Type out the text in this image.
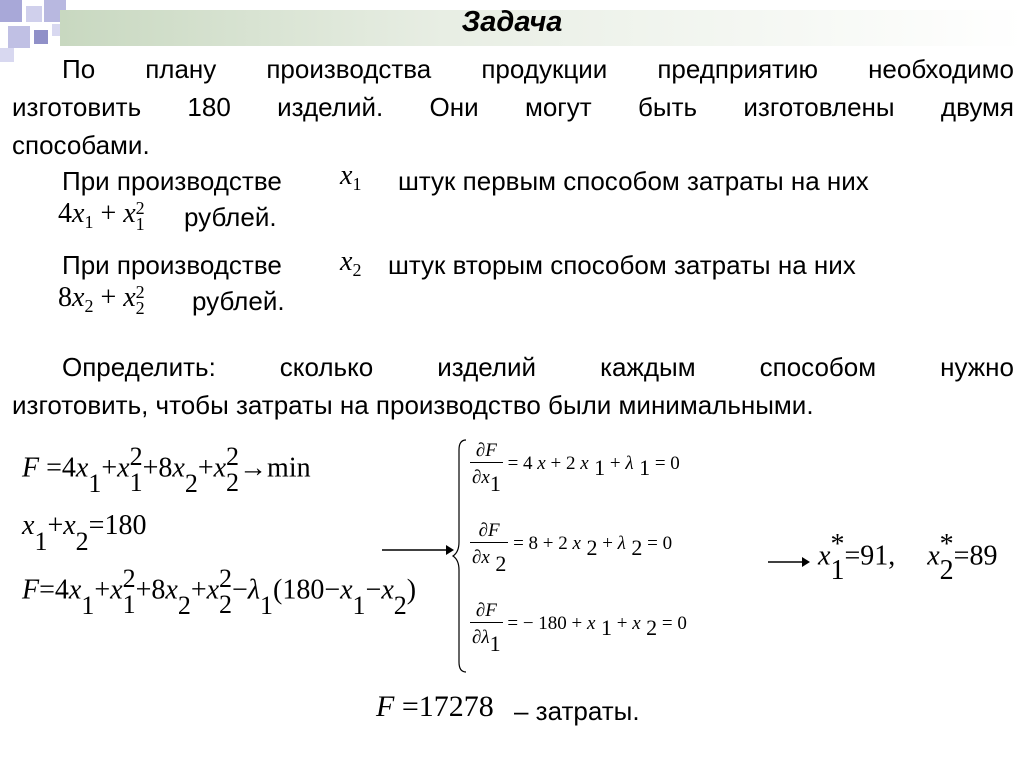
Задача
По плану производства продукции предприятию необходимо
изготовить 180 изделий. Они могут быть изготовлены двумя
способами.
При производстве $x_1$ штук первым способом затраты на них
$4x_1 + x$ 2
1 рублей.
При производстве $x_2$ штук вторым способом затраты на них
$8x_2 + x$ 2
2 рублей.
Определить: сколько изделий каждым способом нужно
изготовить, чтобы затраты на производство были минимальными.
F =4x1+x 2
1 +8x2+x 2
2 →min
x1+x2=180
F=4x1+x 2
1 +8x2+x 2
2 −λ1(180−x1−x2)
$\frac{\partial F}{\partial x1} = 4$ x + 2 x 1 + λ 1 = 0
$\frac{\partial F}{\partial x 2} = 8 + 2$ x 2 + λ 2 = 0
$\frac{\partial F}{\partial\lambda 1}$ = − 180 + x 1 + x 2 = 0
x *
1 =91, x *
2 =89
F =17278 – затраты.
